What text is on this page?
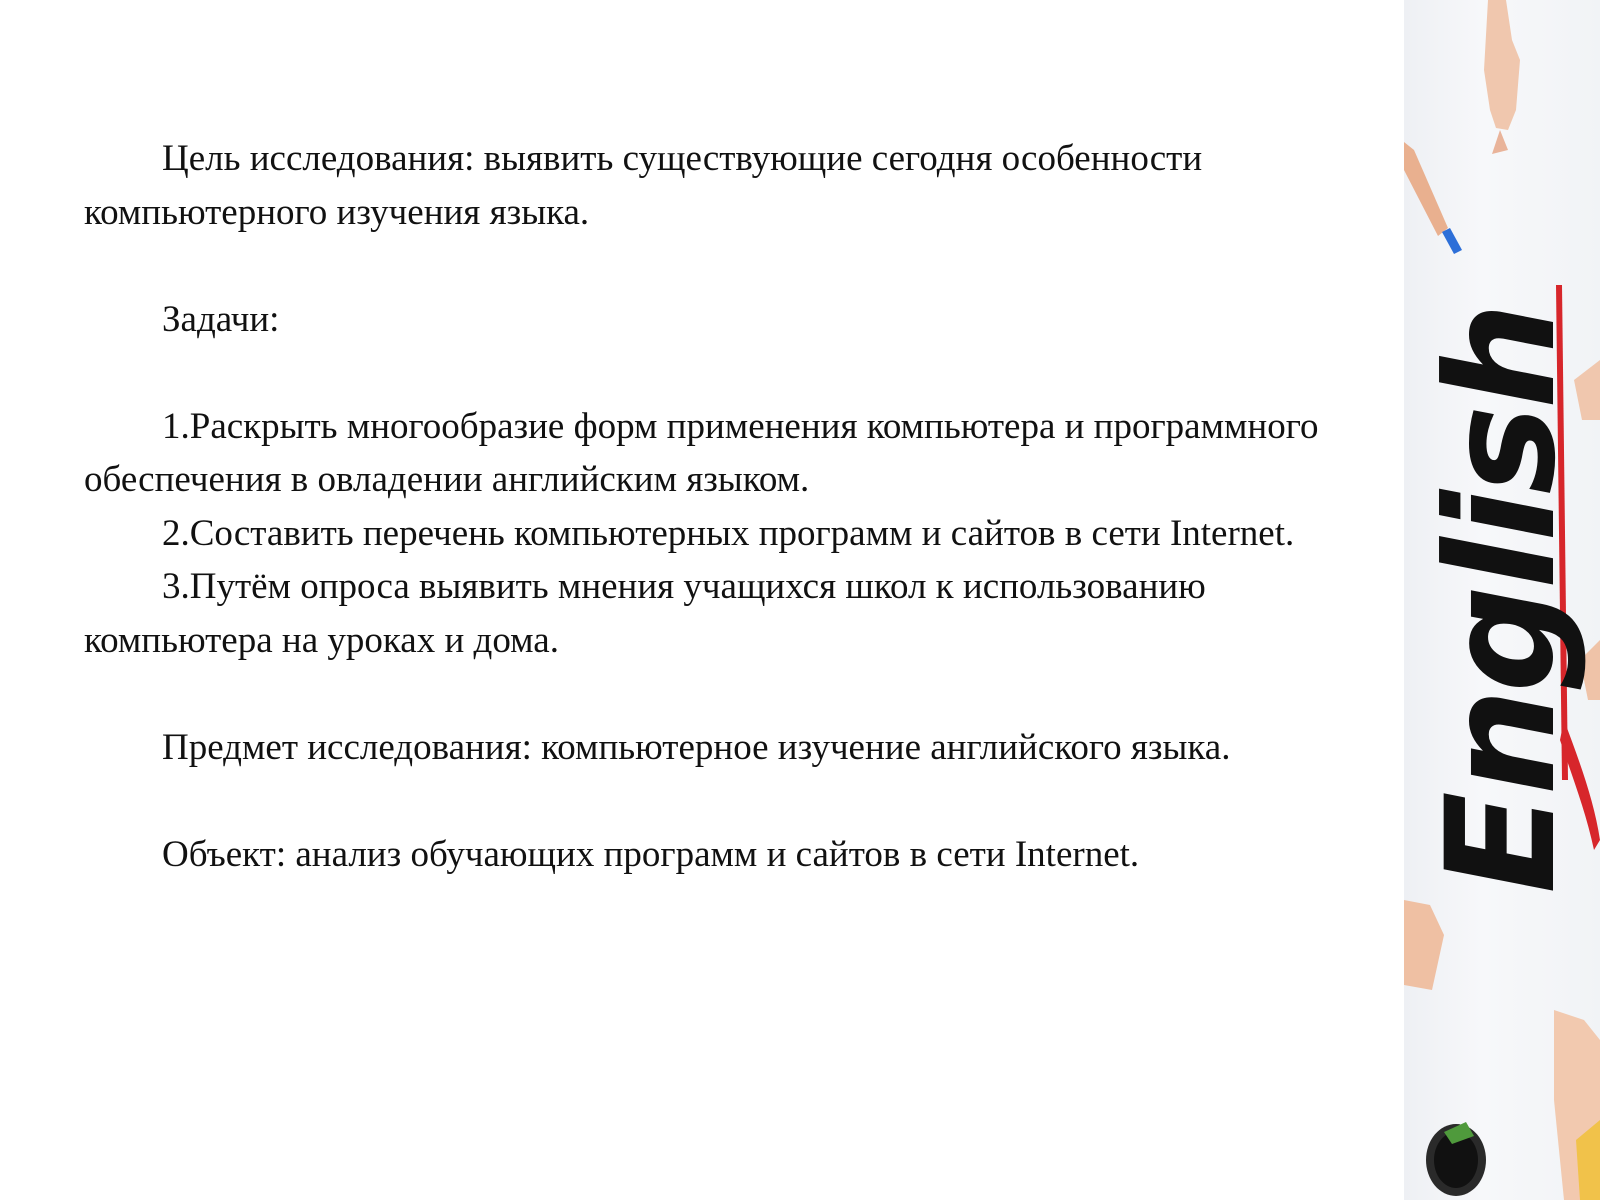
Цель исследования: выявить существующие сегодня особенности компьютерного изучения языка.

Задачи:

1.Раскрыть многообразие форм применения компьютера и программного обеспечения в овладении английским языком.

2.Составить перечень компьютерных программ и сайтов в сети Internet.

3.Путём опроса выявить мнения учащихся школ к использованию компьютера на уроках и дома.

Предмет исследования: компьютерное изучение английского языка.

Объект: анализ обучающих программ и сайтов в сети Internet.	English
